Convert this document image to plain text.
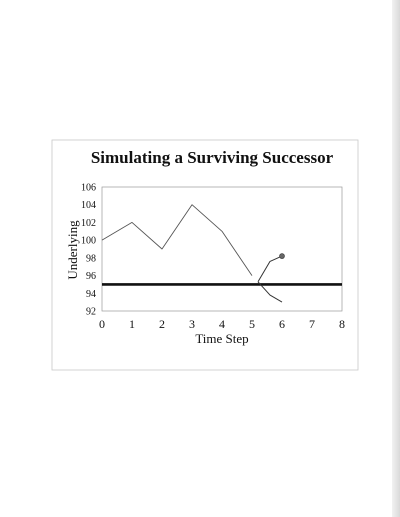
Simulating a Surviving Successor
92
94
96
98
100
102
104
106
0 1 2 3 4 5 6 7 8
Time Step
Underlying
